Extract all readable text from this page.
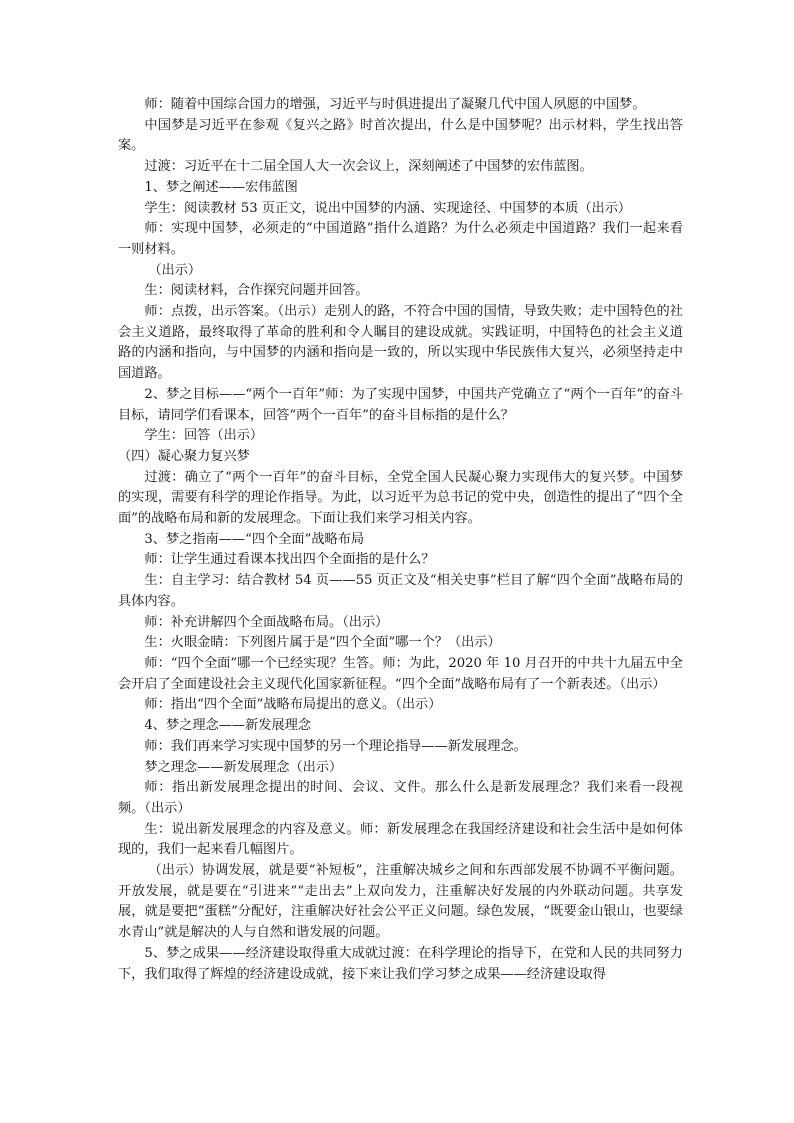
师：随着中国综合国力的增强，习近平与时俱进提出了凝聚几代中国人夙愿的中国梦。

中国梦是习近平在参观《复兴之路》时首次提出，什么是中国梦呢？出示材料，学生找出答案。

过渡：习近平在十二届全国人大一次会议上，深刻阐述了中国梦的宏伟蓝图。

1、梦之阐述——宏伟蓝图

学生：阅读教材 53 页正文，说出中国梦的内涵、实现途径、中国梦的本质（出示）

师：实现中国梦，必须走的“中国道路”指什么道路？为什么必须走中国道路？我们一起来看一则材料。

（出示）

生：阅读材料，合作探究问题并回答。

师：点拨，出示答案。（出示）走别人的路，不符合中国的国情，导致失败；走中国特色的社会主义道路，最终取得了革命的胜利和令人瞩目的建设成就。实践证明，中国特色的社会主义道路的内涵和指向，与中国梦的内涵和指向是一致的，所以实现中华民族伟大复兴，必须坚持走中国道路。

2、梦之目标——“两个一百年”师：为了实现中国梦，中国共产党确立了“两个一百年”的奋斗目标，请同学们看课本，回答“两个一百年”的奋斗目标指的是什么？

学生：回答（出示）

（四）凝心聚力复兴梦

过渡：确立了“两个一百年”的奋斗目标，全党全国人民凝心聚力实现伟大的复兴梦。中国梦的实现，需要有科学的理论作指导。为此，以习近平为总书记的党中央，创造性的提出了“四个全面”的战略布局和新的发展理念。下面让我们来学习相关内容。

3、梦之指南——“四个全面”战略布局

师：让学生通过看课本找出四个全面指的是什么？

生：自主学习：结合教材 54 页——55 页正文及“相关史事”栏目了解“四个全面”战略布局的具体内容。

师：补充讲解四个全面战略布局。（出示）

生：火眼金睛：下列图片属于是“四个全面”哪一个？（出示）

师：“四个全面”哪一个已经实现？生答。师：为此，2020 年 10 月召开的中共十九届五中全会开启了全面建设社会主义现代化国家新征程。“四个全面”战略布局有了一个新表述。（出示）

师：指出“四个全面”战略布局提出的意义。（出示）

4、梦之理念——新发展理念

师：我们再来学习实现中国梦的另一个理论指导——新发展理念。

梦之理念——新发展理念（出示）

师：指出新发展理念提出的时间、会议、文件。那么什么是新发展理念？我们来看一段视频。（出示）

生：说出新发展理念的内容及意义。师：新发展理念在我国经济建设和社会生活中是如何体现的，我们一起来看几幅图片。

（出示）协调发展，就是要“补短板”，注重解决城乡之间和东西部发展不协调不平衡问题。开放发展，就是要在“引进来”“走出去”上双向发力，注重解决好发展的内外联动问题。共享发展，就是要把“蛋糕”分配好，注重解决好社会公平正义问题。绿色发展，“既要金山银山，也要绿水青山”就是解决的人与自然和谐发展的问题。

5、梦之成果——经济建设取得重大成就过渡：在科学理论的指导下，在党和人民的共同努力下，我们取得了辉煌的经济建设成就，接下来让我们学习梦之成果——经济建设取得
